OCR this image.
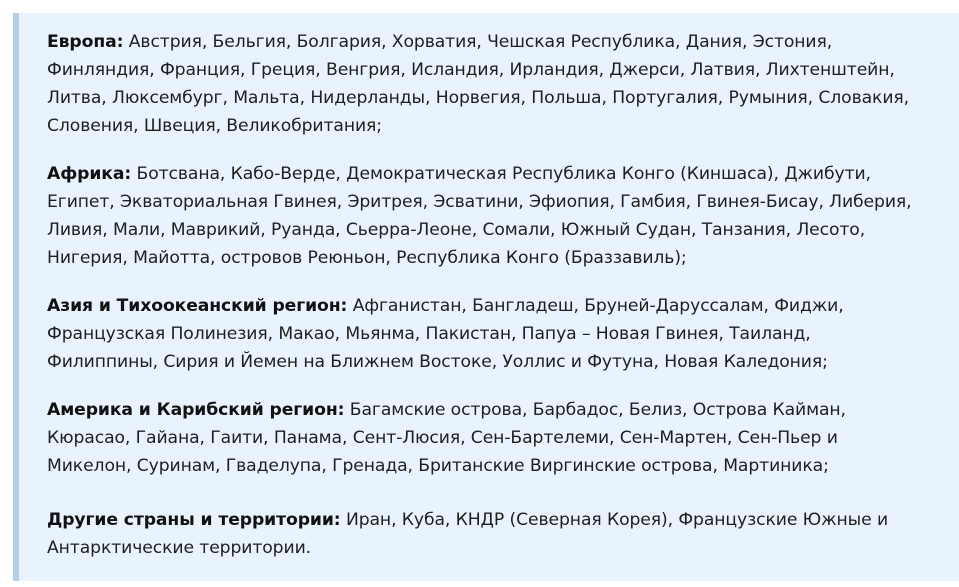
Европа: Австрия, Бельгия, Болгария, Хорватия, Чешская Республика, Дания, Эстония, Финляндия, Франция, Греция, Венгрия, Исландия, Ирландия, Джерси, Латвия, Лихтенштейн, Литва, Люксембург, Мальта, Нидерланды, Норвегия, Польша, Португалия, Румыния, Словакия, Словения, Швеция, Великобритания;

Африка: Ботсвана, Кабо-Верде, Демократическая Республика Конго (Киншаса), Джибути, Египет, Экваториальная Гвинея, Эритрея, Эсватини, Эфиопия, Гамбия, Гвинея-Бисау, Либерия, Ливия, Мали, Маврикий, Руанда, Сьерра-Леоне, Сомали, Южный Судан, Танзания, Лесото, Нигерия, Майотта, островов Реюньон, Республика Конго (Браззавиль);

Азия и Тихоокеанский регион: Афганистан, Бангладеш, Бруней-Даруссалам, Фиджи, Французская Полинезия, Макао, Мьянма, Пакистан, Папуа – Новая Гвинея, Таиланд, Филиппины, Сирия и Йемен на Ближнем Востоке, Уоллис и Футуна, Новая Каледония;

Америка и Карибский регион: Багамские острова, Барбадос, Белиз, Острова Кайман, Кюрасао, Гайана, Гаити, Панама, Сент-Люсия, Сен-Бартелеми, Сен-Мартен, Сен-Пьер и Микелон, Суринам, Гваделупа, Гренада, Британские Виргинские острова, Мартиника;

Другие страны и территории: Иран, Куба, КНДР (Северная Корея), Французские Южные и Антарктические территории.
